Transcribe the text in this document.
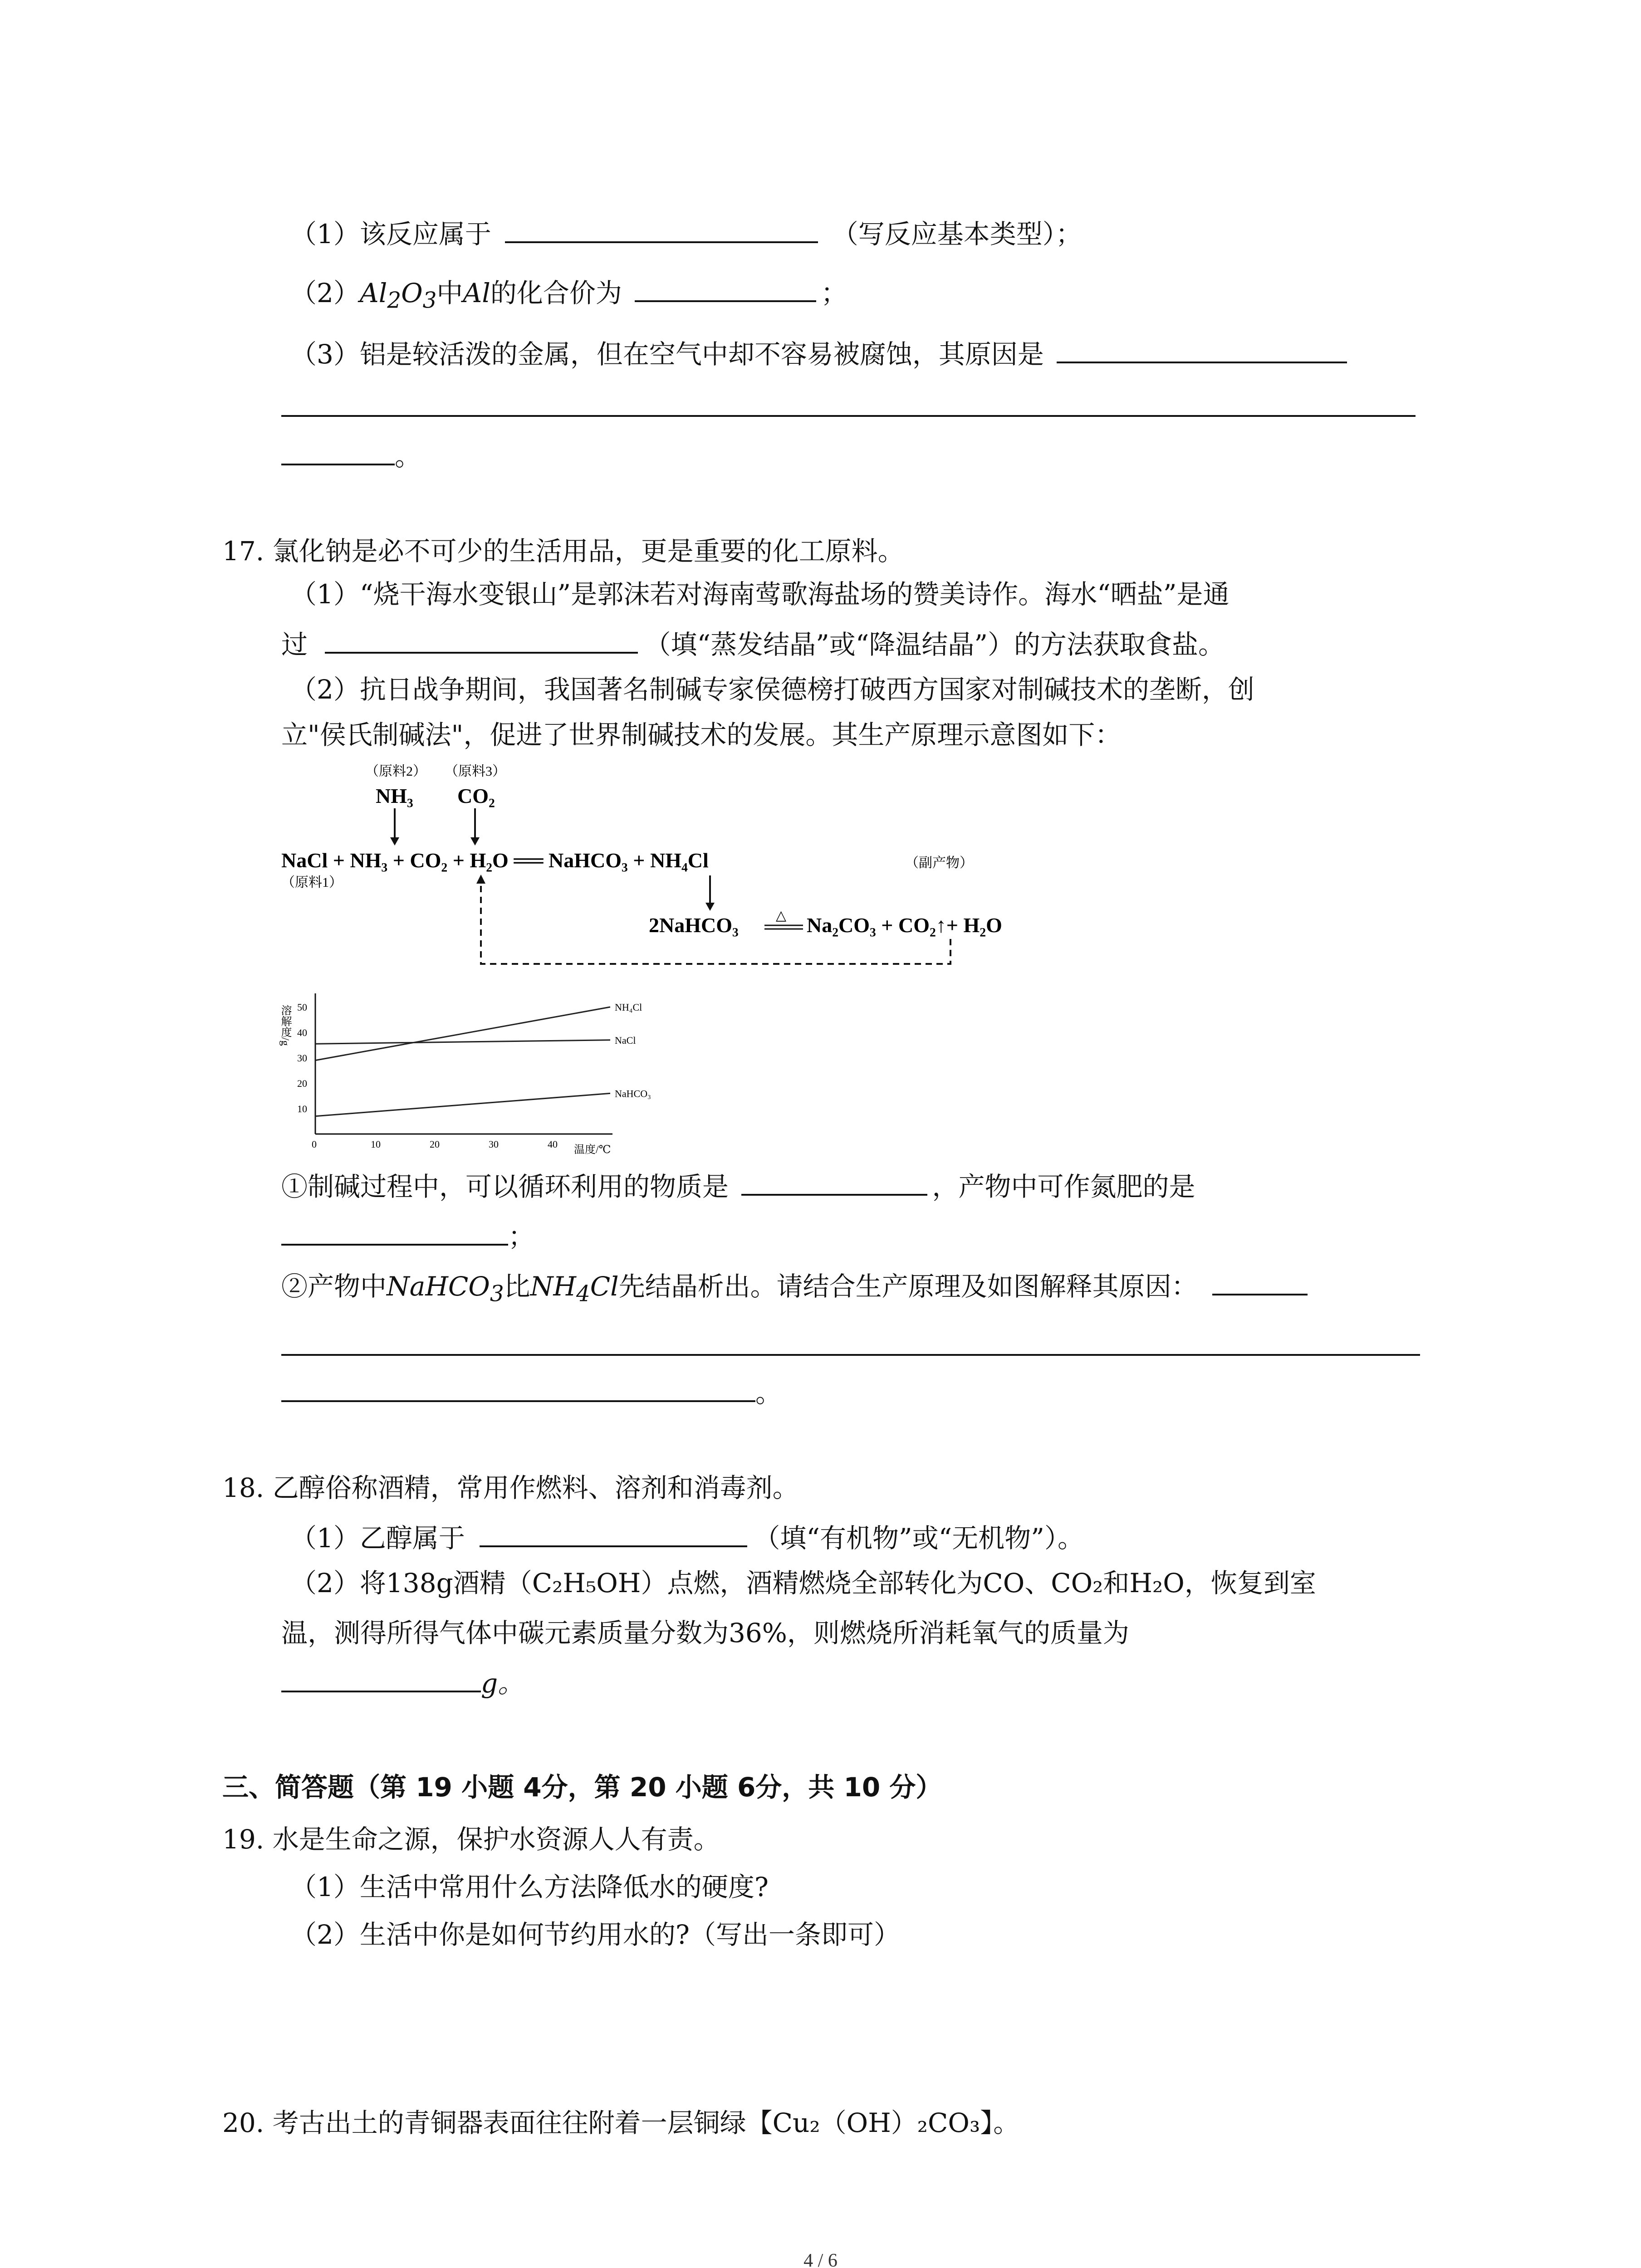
（1）该反应属于	（写反应基本类型）；
$(2)Al_2O_3$中Al的化合价为	；
（3）铝是较活泼的金属，但在空气中却不容易被腐蚀，其原因是
。
17. 氯化钠是必不可少的生活用品，更是重要的化工原料。
（1）“烧干海水变银山”是郭沫若对海南莺歌海盐场的赞美诗作。海水“晒盐”是通
过	（填“蒸发结晶”或“降温结晶”）的方法获取食盐。
（2）抗日战争期间，我国著名制碱专家侯德榜打破西方国家对制碱技术的垄断，创
立"侯氏制碱法"，促进了世界制碱技术的发展。其生产原理示意图如下：
（原料2） （原料3）
NH₃ CO₂
NaCl + NH₃ + CO₂ + H₂O ══ NaHCO₃ + NH₄Cl	（副产物）
（原料1）
2NaHCO₃	△ Na₂CO₃ + CO₂↑+ H₂O
溶解度/g
温度/℃
0	10	20	30	40
10
20
30
40
50	NH₄Cl
NaCl
NaHCO₃
①制碱过程中，可以循环利用的物质是	，产物中可作氮肥的是
；
②产物中NaHCO$_3$比$NH_4Cl$先结晶析出。请结合生产原理及如图解释其原因：
。
18. 乙醇俗称酒精，常用作燃料、溶剂和消毒剂。
（1）乙醇属于	（填“有机物”或“无机物”）。
（2）将138g酒精（C₂H₅OH）点燃，酒精燃烧全部转化为CO、CO₂和H₂O，恢复到室
温，测得所得气体中碳元素质量分数为36%，则燃烧所消耗氧气的质量为
g。
三、简答题（第 19 小题 4分，第 20 小题 6分，共 10 分）
19. 水是生命之源，保护水资源人人有责。
（1）生活中常用什么方法降低水的硬度?
（2）生活中你是如何节约用水的?（写出一条即可）
20. 考古出土的青铜器表面往往附着一层铜绿【Cu₂（OH）₂CO₃】。
4 / 6
